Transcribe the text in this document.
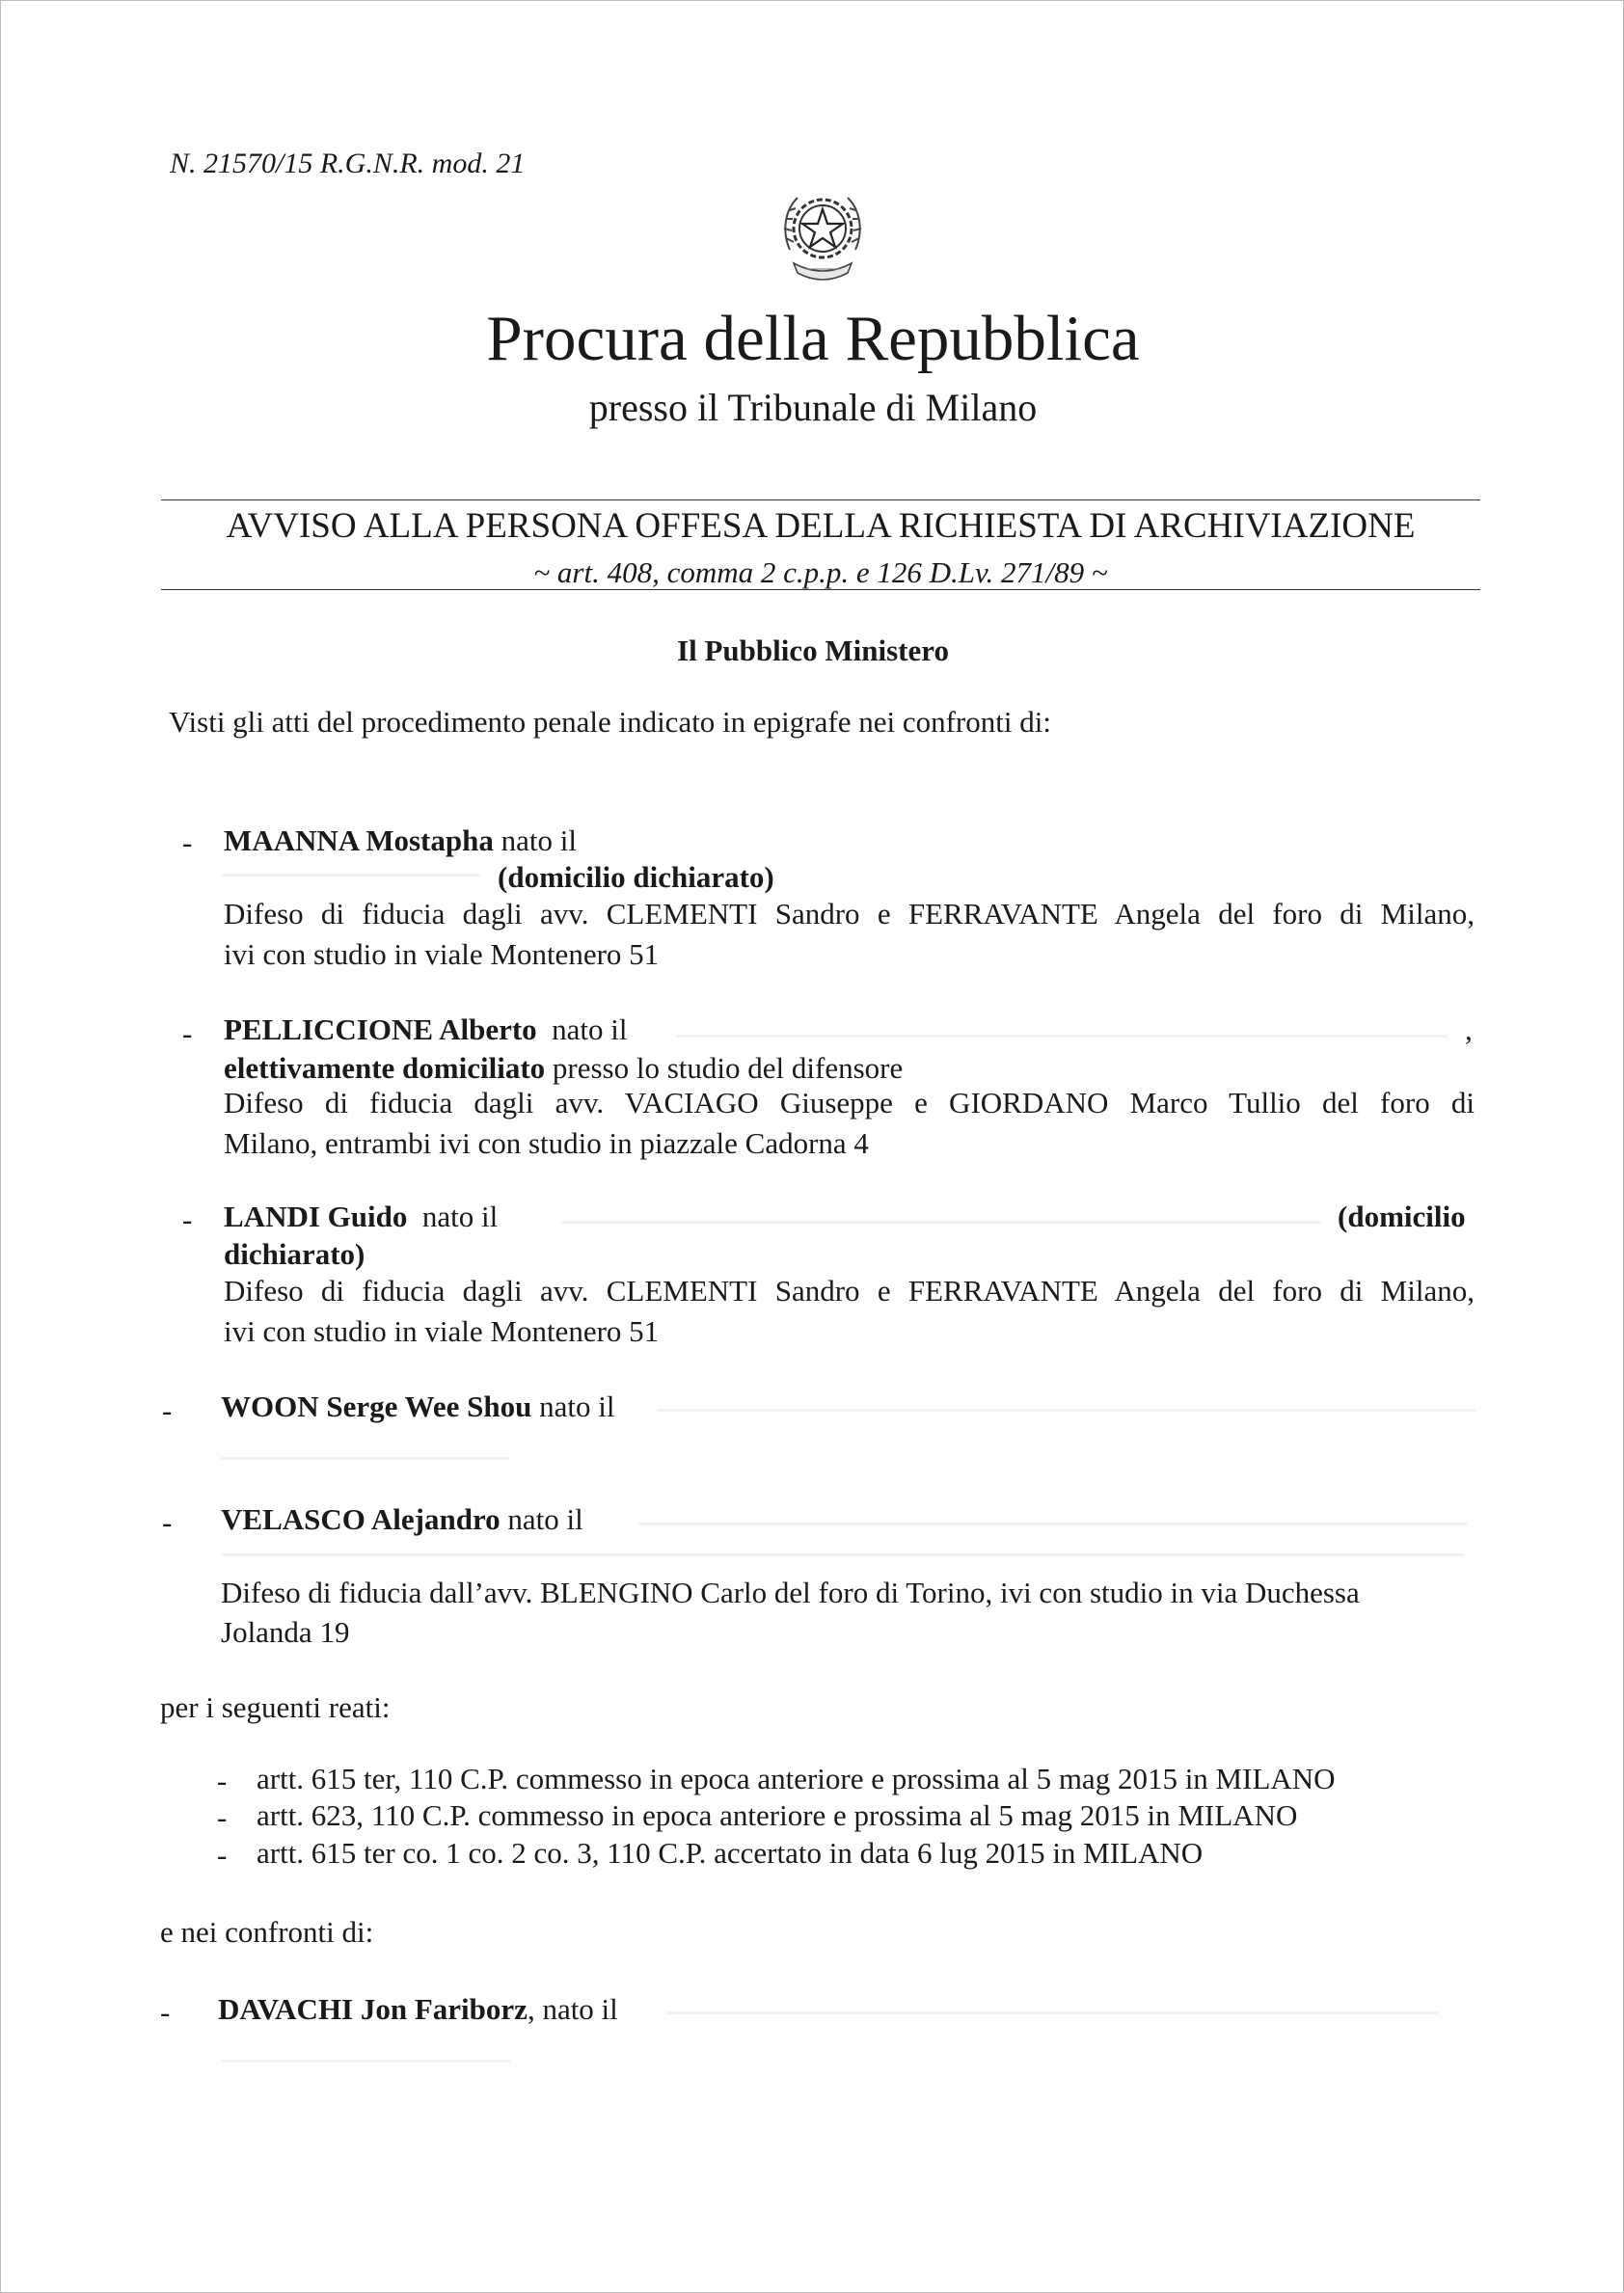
N. 21570/15 R.G.N.R. mod. 21
Procura della Repubblica
presso il Tribunale di Milano
AVVISO ALLA PERSONA OFFESA DELLA RICHIESTA DI ARCHIVIAZIONE
~ art. 408, comma 2 c.p.p. e 126 D.Lv. 271/89 ~
Il Pubblico Ministero
Visti gli atti del procedimento penale indicato in epigrafe nei confronti di:
- MAANNA Mostapha nato il
(domicilio dichiarato)
Difeso di fiducia dagli avv. CLEMENTI Sandro e FERRAVANTE Angela del foro di Milano,
ivi con studio in viale Montenero 51
- PELLICCIONE Alberto nato il	,
elettivamente domiciliato presso lo studio del difensore
Difeso di fiducia dagli avv. VACIAGO Giuseppe e GIORDANO Marco Tullio del foro di
Milano, entrambi ivi con studio in piazzale Cadorna 4
- LANDI Guido nato il	(domicilio
dichiarato)
Difeso di fiducia dagli avv. CLEMENTI Sandro e FERRAVANTE Angela del foro di Milano,
ivi con studio in viale Montenero 51
- WOON Serge Wee Shou nato il
- VELASCO Alejandro nato il
Difeso di fiducia dall’avv. BLENGINO Carlo del foro di Torino, ivi con studio in via Duchessa
Jolanda 19
per i seguenti reati:
- artt. 615 ter, 110 C.P. commesso in epoca anteriore e prossima al 5 mag 2015 in MILANO
- artt. 623, 110 C.P. commesso in epoca anteriore e prossima al 5 mag 2015 in MILANO
- artt. 615 ter co. 1 co. 2 co. 3, 110 C.P. accertato in data 6 lug 2015 in MILANO
e nei confronti di:
- DAVACHI Jon Fariborz, nato il
